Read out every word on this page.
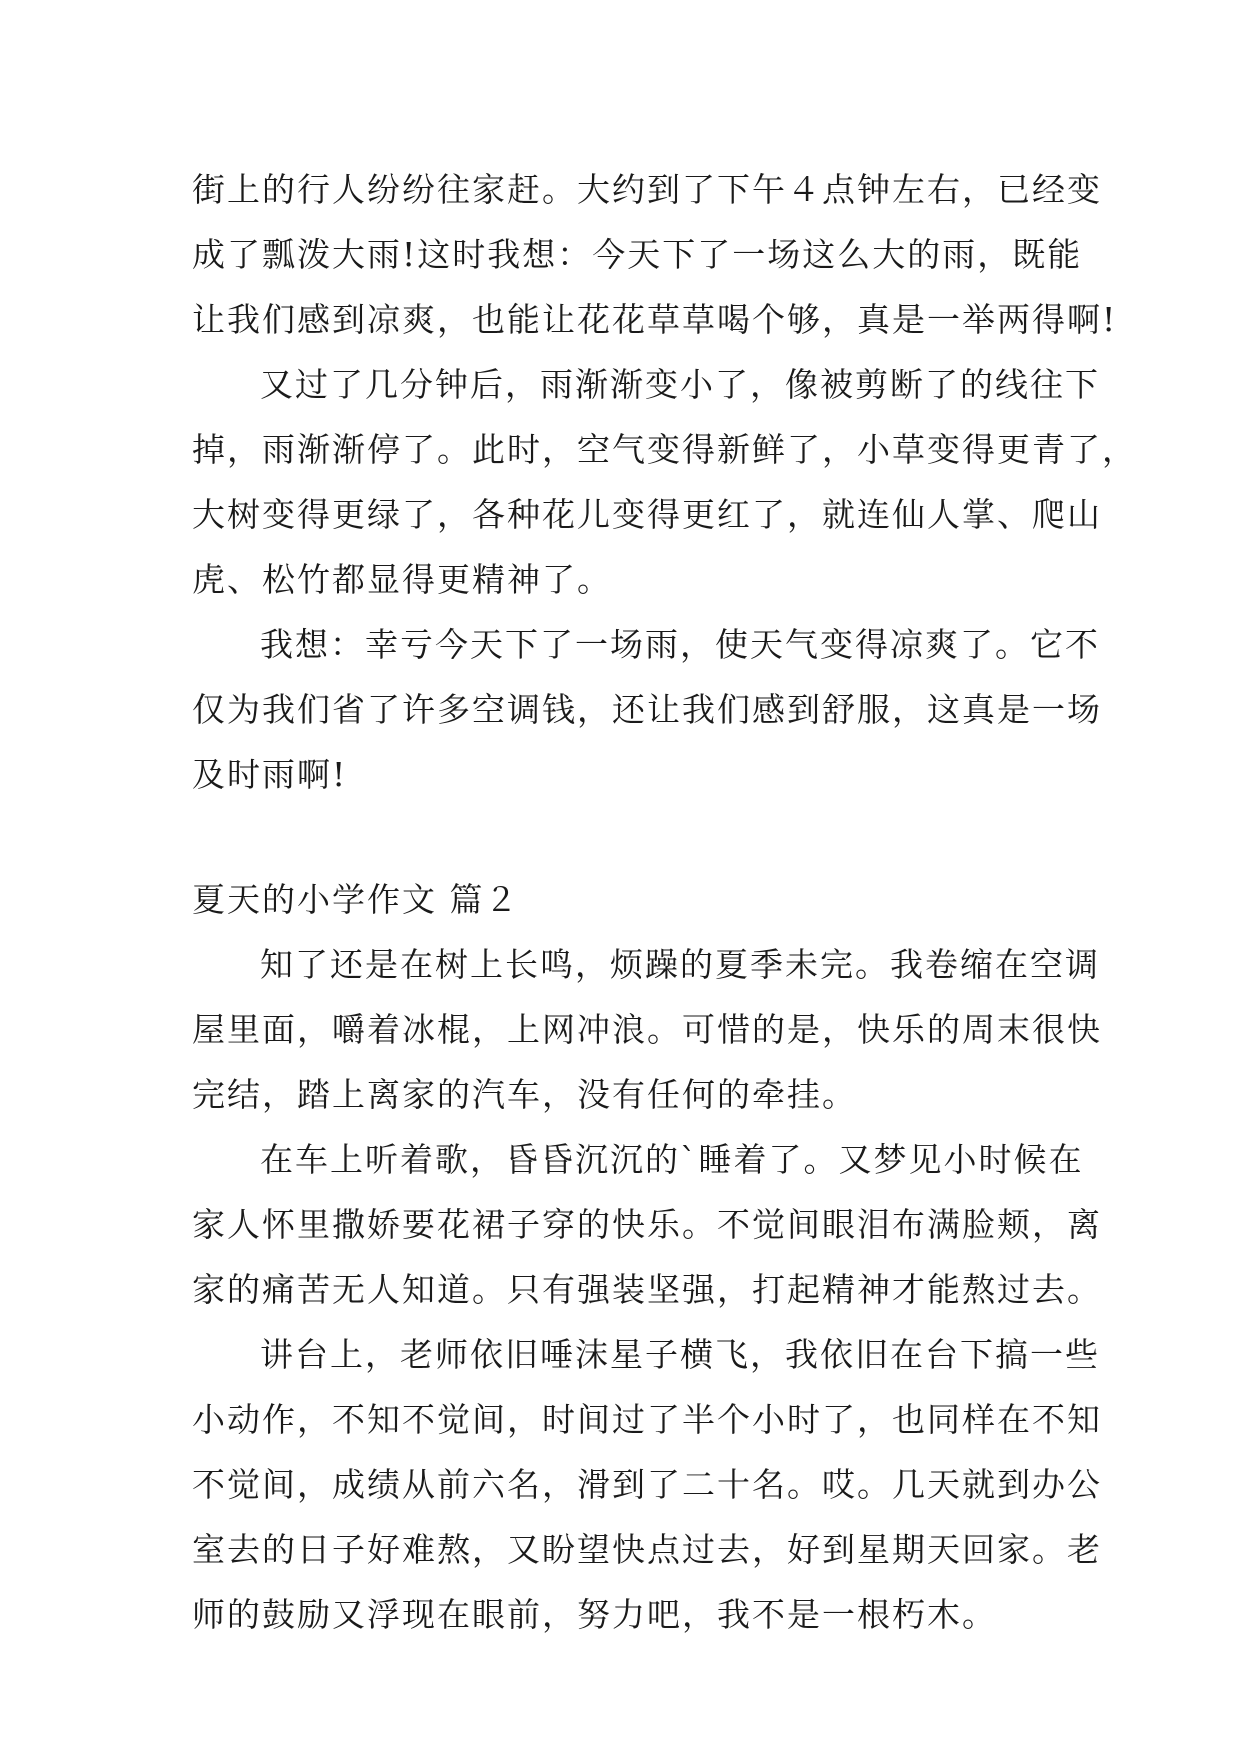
街上的行人纷纷往家赶。大约到了下午４点钟左右，已经变
成了瓢泼大雨!这时我想：今天下了一场这么大的雨，既能
让我们感到凉爽，也能让花花草草喝个够，真是一举两得啊!
又过了几分钟后，雨渐渐变小了，像被剪断了的线往下
掉，雨渐渐停了。此时，空气变得新鲜了，小草变得更青了，
大树变得更绿了，各种花儿变得更红了，就连仙人掌、爬山
虎、松竹都显得更精神了。
我想：幸亏今天下了一场雨，使天气变得凉爽了。它不
仅为我们省了许多空调钱，还让我们感到舒服，这真是一场
及时雨啊!
夏天的小学作文 篇２
知了还是在树上长鸣，烦躁的夏季未完。我卷缩在空调
屋里面，嚼着冰棍，上网冲浪。可惜的是，快乐的周末很快
完结，踏上离家的汽车，没有任何的牵挂。
在车上听着歌，昏昏沉沉的`睡着了。又梦见小时候在
家人怀里撒娇要花裙子穿的快乐。不觉间眼泪布满脸颊，离
家的痛苦无人知道。只有强装坚强，打起精神才能熬过去。
讲台上，老师依旧唾沫星子横飞，我依旧在台下搞一些
小动作，不知不觉间，时间过了半个小时了，也同样在不知
不觉间，成绩从前六名，滑到了二十名。哎。几天就到办公
室去的日子好难熬，又盼望快点过去，好到星期天回家。老
师的鼓励又浮现在眼前，努力吧，我不是一根朽木。
